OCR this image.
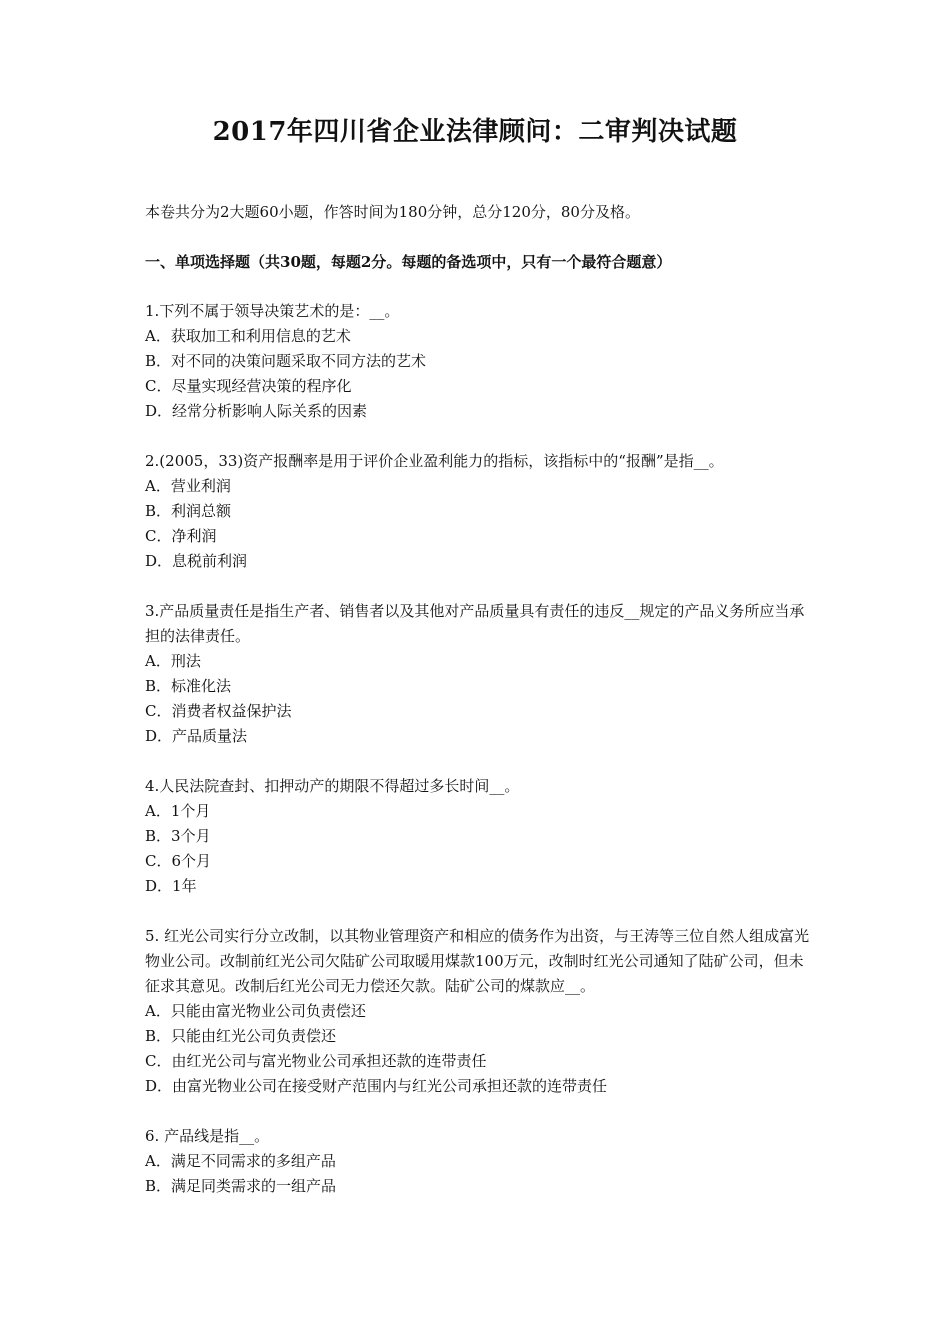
2017年四川省企业法律顾问：二审判决试题

本卷共分为2大题60小题，作答时间为180分钟，总分120分，80分及格。

一、单项选择题（共30题，每题2分。每题的备选项中，只有一个最符合题意）

1.下列不属于领导决策艺术的是：__。

A．获取加工和利用信息的艺术
B．对不同的决策问题采取不同方法的艺术
C．尽量实现经营决策的程序化
D．经常分析影响人际关系的因素

2.(2005，33)资产报酬率是用于评价企业盈利能力的指标，该指标中的“报酬”是指__。

A．营业利润
B．利润总额
C．净利润
D．息税前利润

3.产品质量责任是指生产者、销售者以及其他对产品质量具有责任的违反__规定的产品义务所应当承担的法律责任。

A．刑法
B．标准化法
C．消费者权益保护法
D．产品质量法

4.人民法院查封、扣押动产的期限不得超过多长时间__。

A．1个月
B．3个月
C．6个月
D．1年

5. 红光公司实行分立改制，以其物业管理资产和相应的债务作为出资，与王涛等三位自然人组成富光物业公司。改制前红光公司欠陆矿公司取暖用煤款100万元，改制时红光公司通知了陆矿公司，但未征求其意见。改制后红光公司无力偿还欠款。陆矿公司的煤款应__。

A．只能由富光物业公司负责偿还
B．只能由红光公司负责偿还
C．由红光公司与富光物业公司承担还款的连带责任
D．由富光物业公司在接受财产范围内与红光公司承担还款的连带责任

6. 产品线是指__。

A．满足不同需求的多组产品
B．满足同类需求的一组产品
